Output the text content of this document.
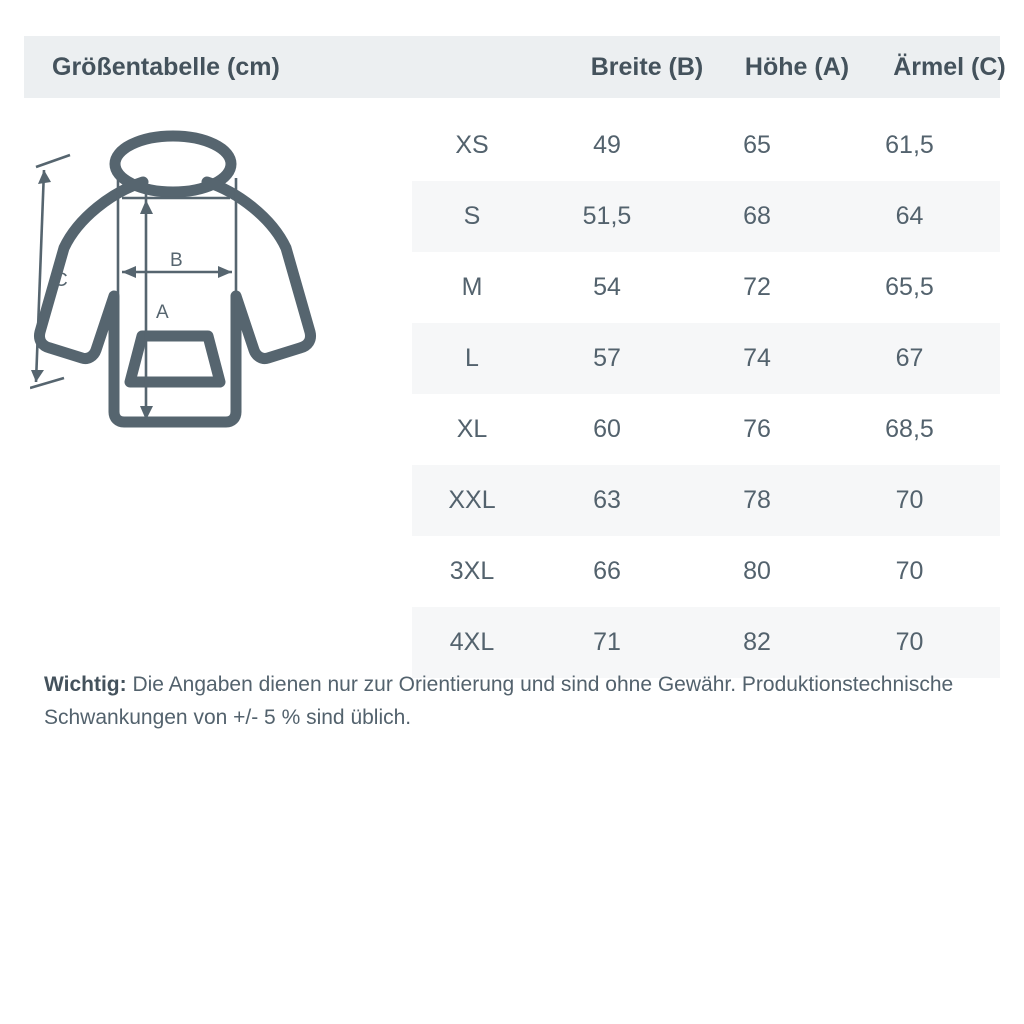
Größentabelle (cm)	Breite (B)	Höhe (A)	Ärmel (C)
C
B
A
XS	49	65	61,5
S	51,5	68	64
M	54	72	65,5
L	57	74	67
XL	60	76	68,5
XXL	63	78	70
3XL	66	80	70
4XL	71	82	70
Wichtig: Die Angaben dienen nur zur Orientierung und sind ohne Gewähr. Produktionstechnische Schwankungen von +/- 5 % sind üblich.
